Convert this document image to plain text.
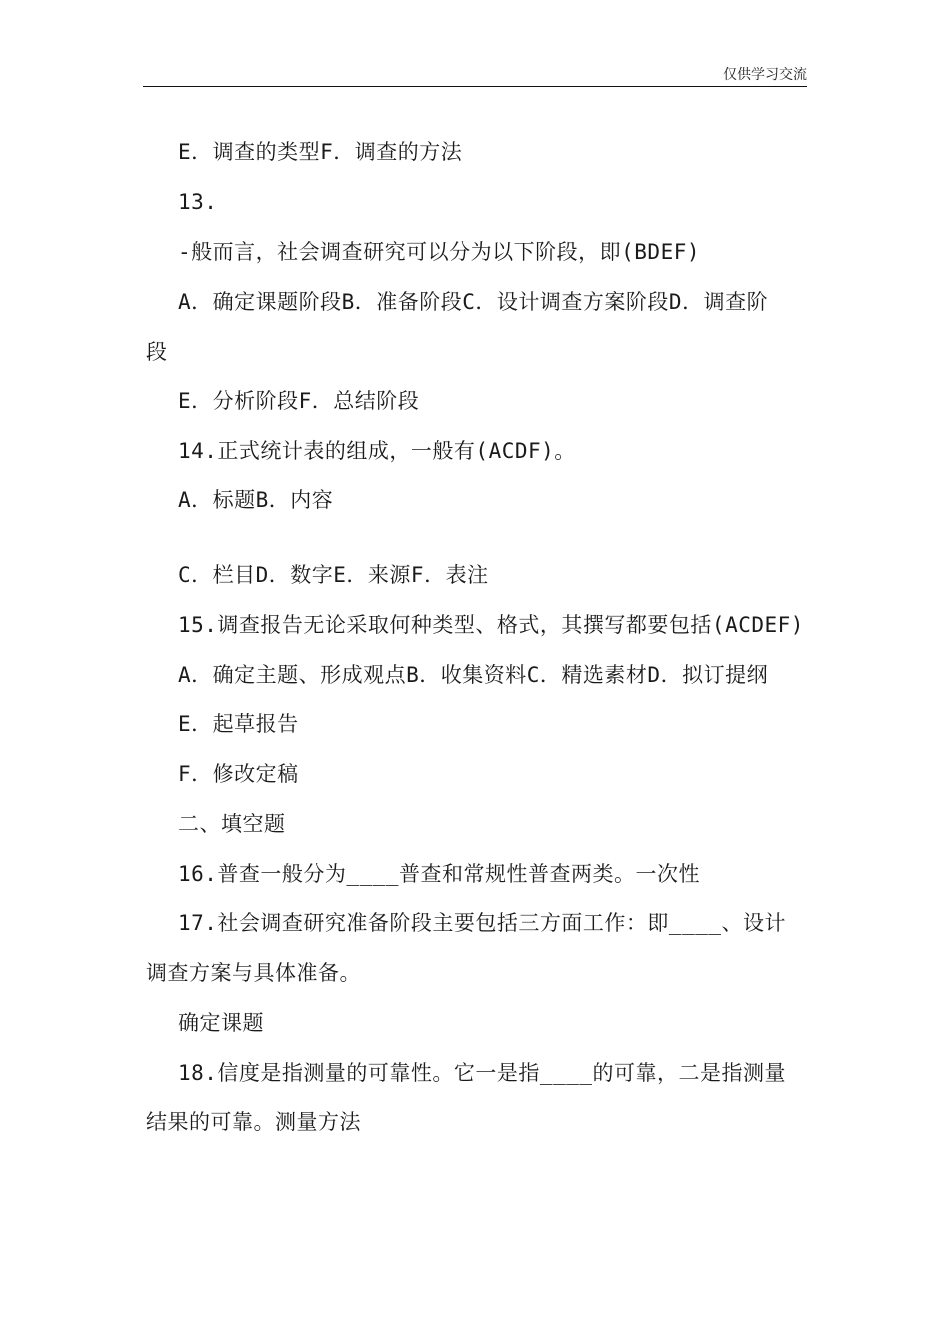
仅供学习交流
E．调查的类型F．调查的方法
13.
-般而言，社会调查研究可以分为以下阶段，即(BDEF)
A．确定课题阶段B．准备阶段C．设计调查方案阶段D．调查阶
段
E．分析阶段F．总结阶段
14.正式统计表的组成，一般有(ACDF)。
A．标题B．内容
C．栏目D．数字E．来源F．表注
15.调查报告无论采取何种类型、格式，其撰写都要包括(ACDEF)
A．确定主题、形成观点B．收集资料C．精选素材D．拟订提纲
E．起草报告
F．修改定稿
二、填空题
16.普查一般分为____普查和常规性普查两类。一次性
17.社会调查研究准备阶段主要包括三方面工作：即____、设计
调查方案与具体准备。
确定课题
18.信度是指测量的可靠性。它一是指____的可靠，二是指测量
结果的可靠。测量方法
